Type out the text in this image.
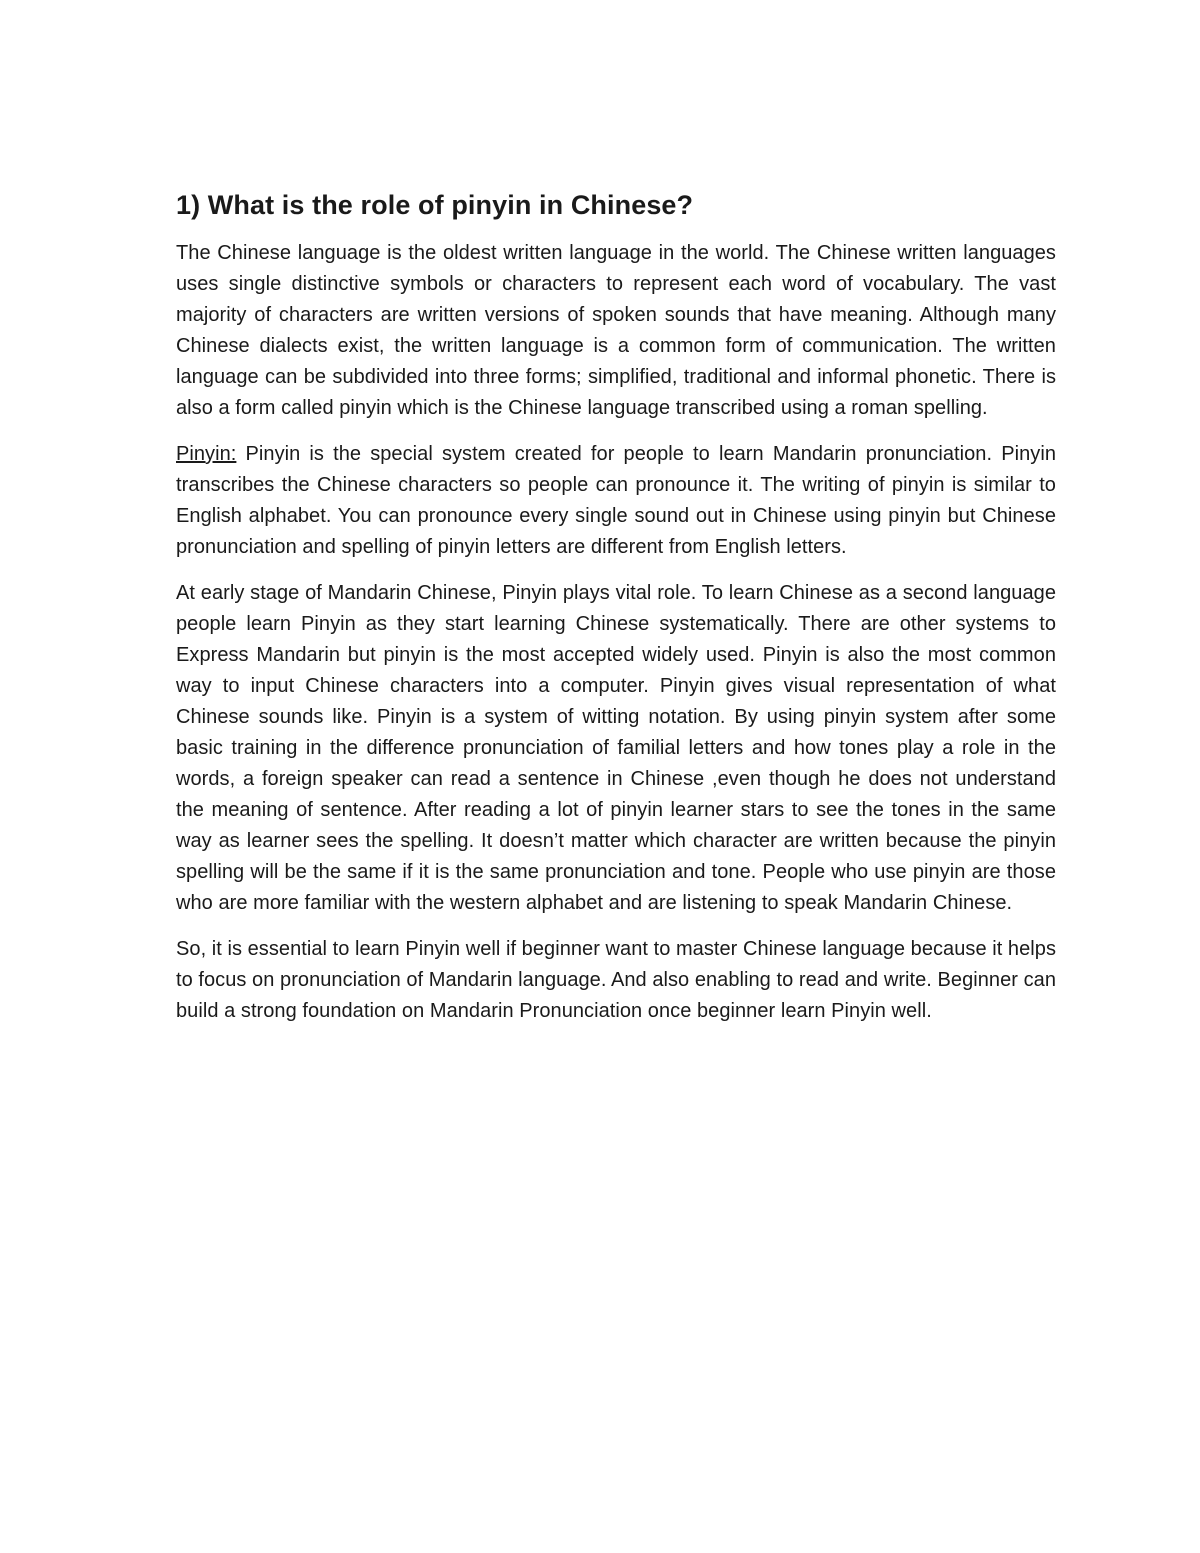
1) What is the role of pinyin in Chinese?

The Chinese language is the oldest written language in the world. The Chinese written languages uses single distinctive symbols or characters to represent each word of vocabulary. The vast majority of characters are written versions of spoken sounds that have meaning. Although many Chinese dialects exist, the written language is a common form of communication. The written language can be subdivided into three forms; simplified, traditional and informal phonetic. There is also a form called pinyin which is the Chinese language transcribed using a roman spelling.

Pinyin: Pinyin is the special system created for people to learn Mandarin pronunciation. Pinyin transcribes the Chinese characters so people can pronounce it. The writing of pinyin is similar to English alphabet. You can pronounce every single sound out in Chinese using pinyin but Chinese pronunciation and spelling of pinyin letters are different from English letters.

At early stage of Mandarin Chinese, Pinyin plays vital role. To learn Chinese as a second language people learn Pinyin as they start learning Chinese systematically. There are other systems to Express Mandarin but pinyin is the most accepted widely used. Pinyin is also the most common way to input Chinese characters into a computer. Pinyin gives visual representation of what Chinese sounds like. Pinyin is a system of witting notation. By using pinyin system after some basic training in the difference pronunciation of familial letters and how tones play a role in the words, a foreign speaker can read a sentence in Chinese ,even though he does not understand the meaning of sentence. After reading a lot of pinyin learner stars to see the tones in the same way as learner sees the spelling. It doesn’t matter which character are written because the pinyin spelling will be the same if it is the same pronunciation and tone. People who use pinyin are those who are more familiar with the western alphabet and are listening to speak Mandarin Chinese.

So, it is essential to learn Pinyin well if beginner want to master Chinese language because it helps to focus on pronunciation of Mandarin language. And also enabling to read and write. Beginner can build a strong foundation on Mandarin Pronunciation once beginner learn Pinyin well.
